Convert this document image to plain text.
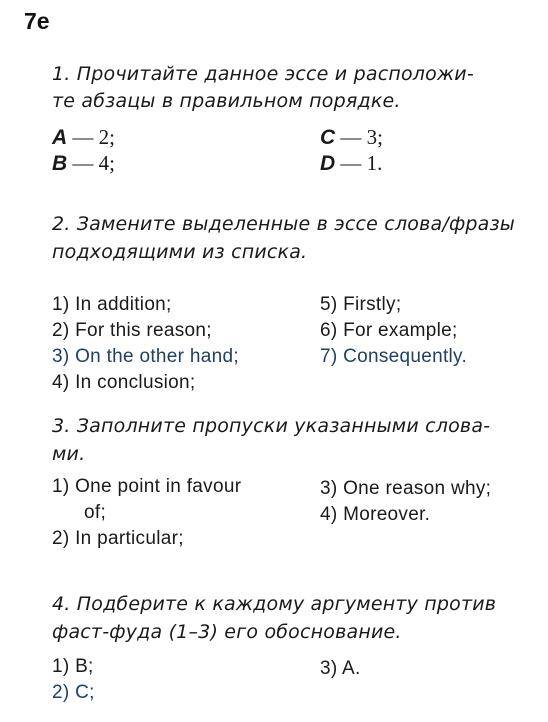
7e
1. Прочитайте данное эссе и расположи-
те абзацы в правильном порядке.
A — 2;
B — 4;
C — 3;
D — 1.
2. Замените выделенные в эссе слова/фразы
подходящими из списка.
1) In addition;
2) For this reason;
3) On the other hand;
4) In conclusion;
5) Firstly;
6) For example;
7) Consequently.
3. Заполните пропуски указанными слова-
ми.
1) One point in favour
of;
2) In particular;
3) One reason why;
4) Moreover.
4. Подберите к каждому аргументу против
фаст-фуда (1–3) его обоснование.
1) B;
2) C;
3) A.
